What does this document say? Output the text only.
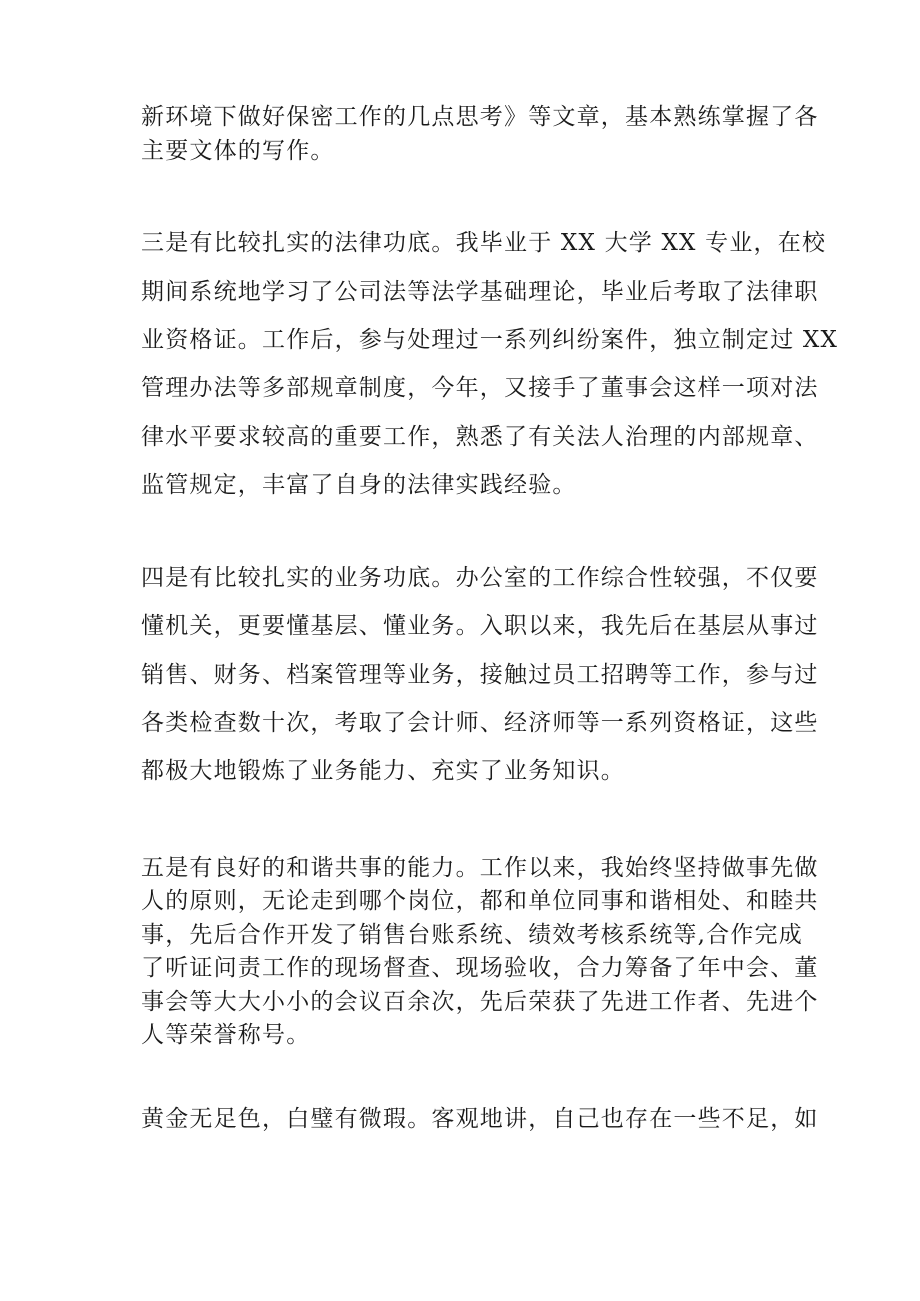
新环境下做好保密工作的几点思考》等文章，基本熟练掌握了各
主要文体的写作。
三是有比较扎实的法律功底。我毕业于 XX 大学 XX 专业，在校
期间系统地学习了公司法等法学基础理论，毕业后考取了法律职
业资格证。工作后，参与处理过一系列纠纷案件，独立制定过 XX
管理办法等多部规章制度，今年，又接手了董事会这样一项对法
律水平要求较高的重要工作，熟悉了有关法人治理的内部规章、
监管规定，丰富了自身的法律实践经验。
四是有比较扎实的业务功底。办公室的工作综合性较强，不仅要
懂机关，更要懂基层、懂业务。入职以来，我先后在基层从事过
销售、财务、档案管理等业务，接触过员工招聘等工作，参与过
各类检查数十次，考取了会计师、经济师等一系列资格证，这些
都极大地锻炼了业务能力、充实了业务知识。
五是有良好的和谐共事的能力。工作以来，我始终坚持做事先做
人的原则，无论走到哪个岗位，都和单位同事和谐相处、和睦共
事，先后合作开发了销售台账系统、绩效考核系统等,合作完成
了听证问责工作的现场督查、现场验收，合力筹备了年中会、董
事会等大大小小的会议百余次，先后荣获了先进工作者、先进个
人等荣誉称号。
黄金无足色，白璧有微瑕。客观地讲，自己也存在一些不足，如
